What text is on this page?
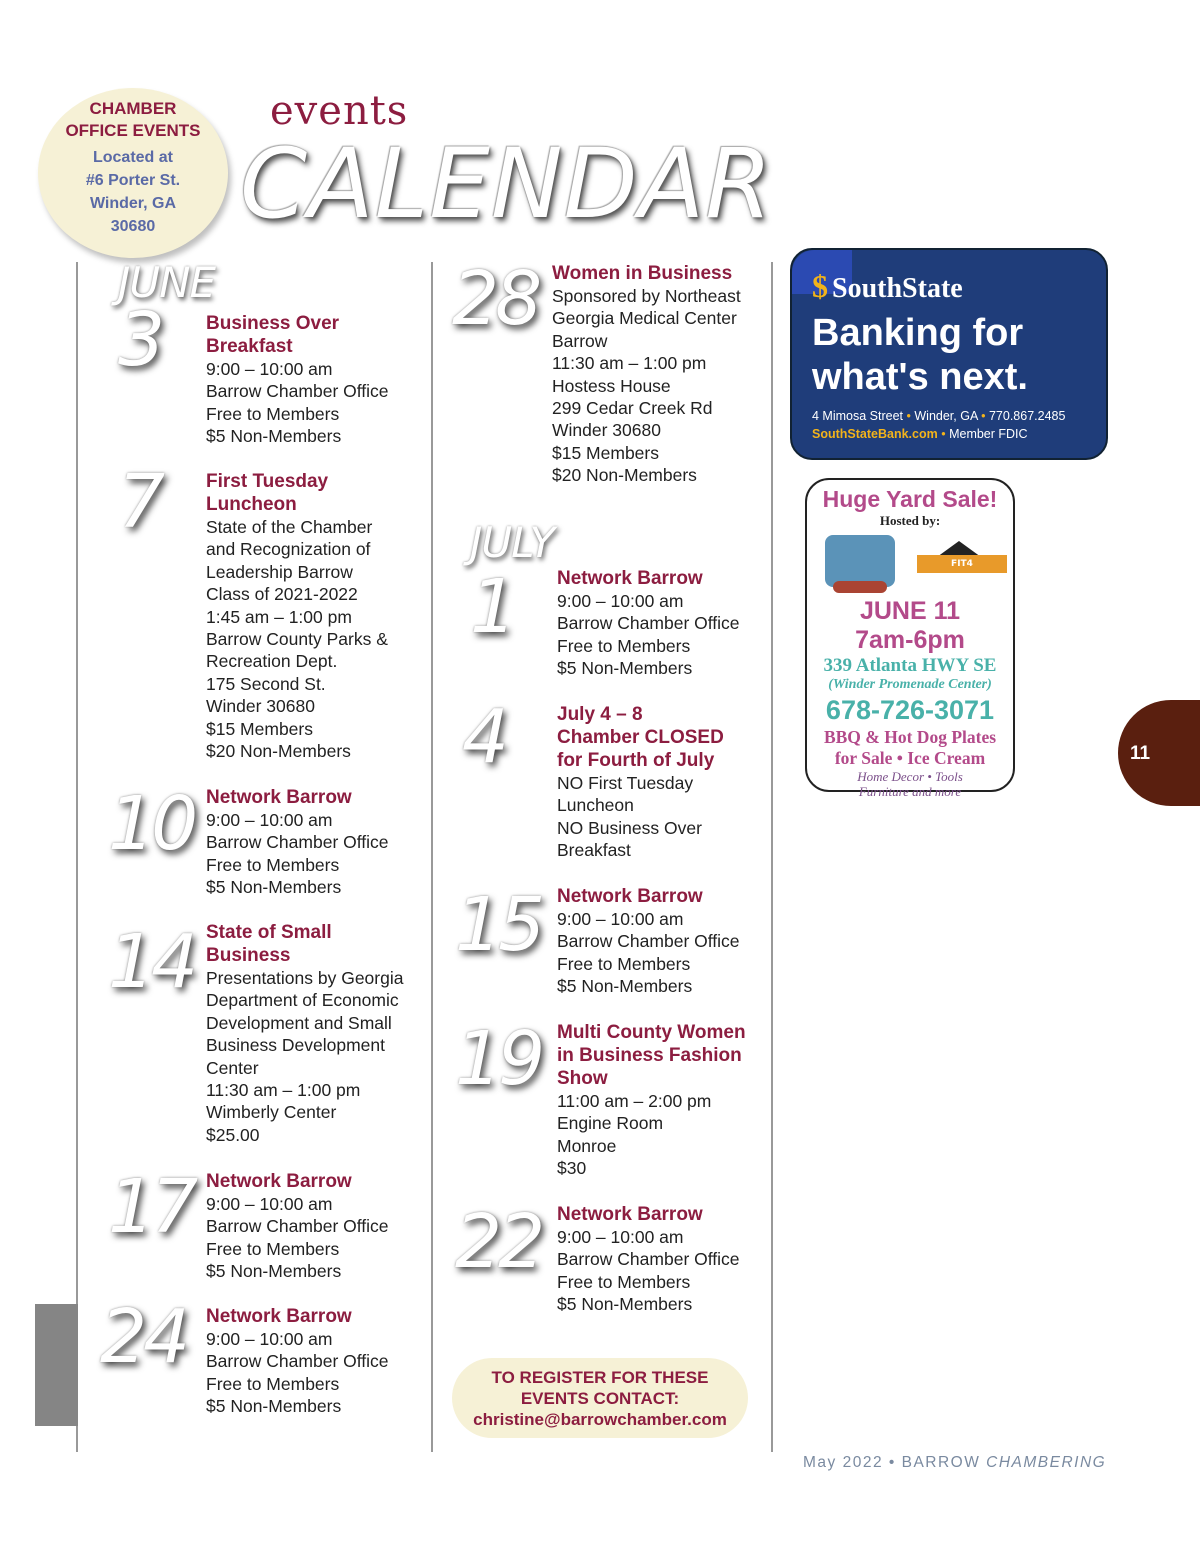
CHAMBER
OFFICE EVENTS
Located at
#6 Porter St.
Winder, GA
30680
events
CALENDAR
JUNE
JULY
3 Business Over
Breakfast
9:00 – 10:00 am
Barrow Chamber Office
Free to Members
$5 Non-Members
7 First Tuesday
Luncheon
State of the Chamber
and Recognization of
Leadership Barrow
Class of 2021-2022
1:45 am – 1:00 pm
Barrow County Parks &
Recreation Dept.
175 Second St.
Winder 30680
$15 Members
$20 Non-Members
10 Network Barrow
9:00 – 10:00 am
Barrow Chamber Office
Free to Members
$5 Non-Members
14 State of Small
Business
Presentations by Georgia
Department of Economic
Development and Small
Business Development
Center
11:30 am – 1:00 pm
Wimberly Center
$25.00
17 Network Barrow
9:00 – 10:00 am
Barrow Chamber Office
Free to Members
$5 Non-Members
24 Network Barrow
9:00 – 10:00 am
Barrow Chamber Office
Free to Members
$5 Non-Members
28 Women in Business
Sponsored by Northeast
Georgia Medical Center
Barrow
11:30 am – 1:00 pm
Hostess House
299 Cedar Creek Rd
Winder 30680
$15 Members
$20 Non-Members
1 Network Barrow
9:00 – 10:00 am
Barrow Chamber Office
Free to Members
$5 Non-Members
4	July 4 – 8
Chamber CLOSED
for Fourth of July
NO First Tuesday
Luncheon
NO Business Over
Breakfast
15 Network Barrow
9:00 – 10:00 am
Barrow Chamber Office
Free to Members
$5 Non-Members
19 Multi County Women
in Business Fashion
Show
11:00 am – 2:00 pm
Engine Room
Monroe
$30
22 Network Barrow
9:00 – 10:00 am
Barrow Chamber Office
Free to Members
$5 Non-Members
TO REGISTER FOR THESE
EVENTS CONTACT:
christine@barrowchamber.com
$ SouthState
Banking for
what's next.
4 Mimosa Street • Winder, GA • 770.867.2485
SouthStateBank.com • Member FDIC
Huge Yard Sale!
Hosted by:
FIT4 ADVENTURES
JUNE 11
7am-6pm
339 Atlanta HWY SE
(Winder Promenade Center)
678-726-3071
BBQ & Hot Dog Plates
for Sale • Ice Cream
Home Decor • Tools
Furniture and more
11
May 2022 • BARROW CHAMBERING
